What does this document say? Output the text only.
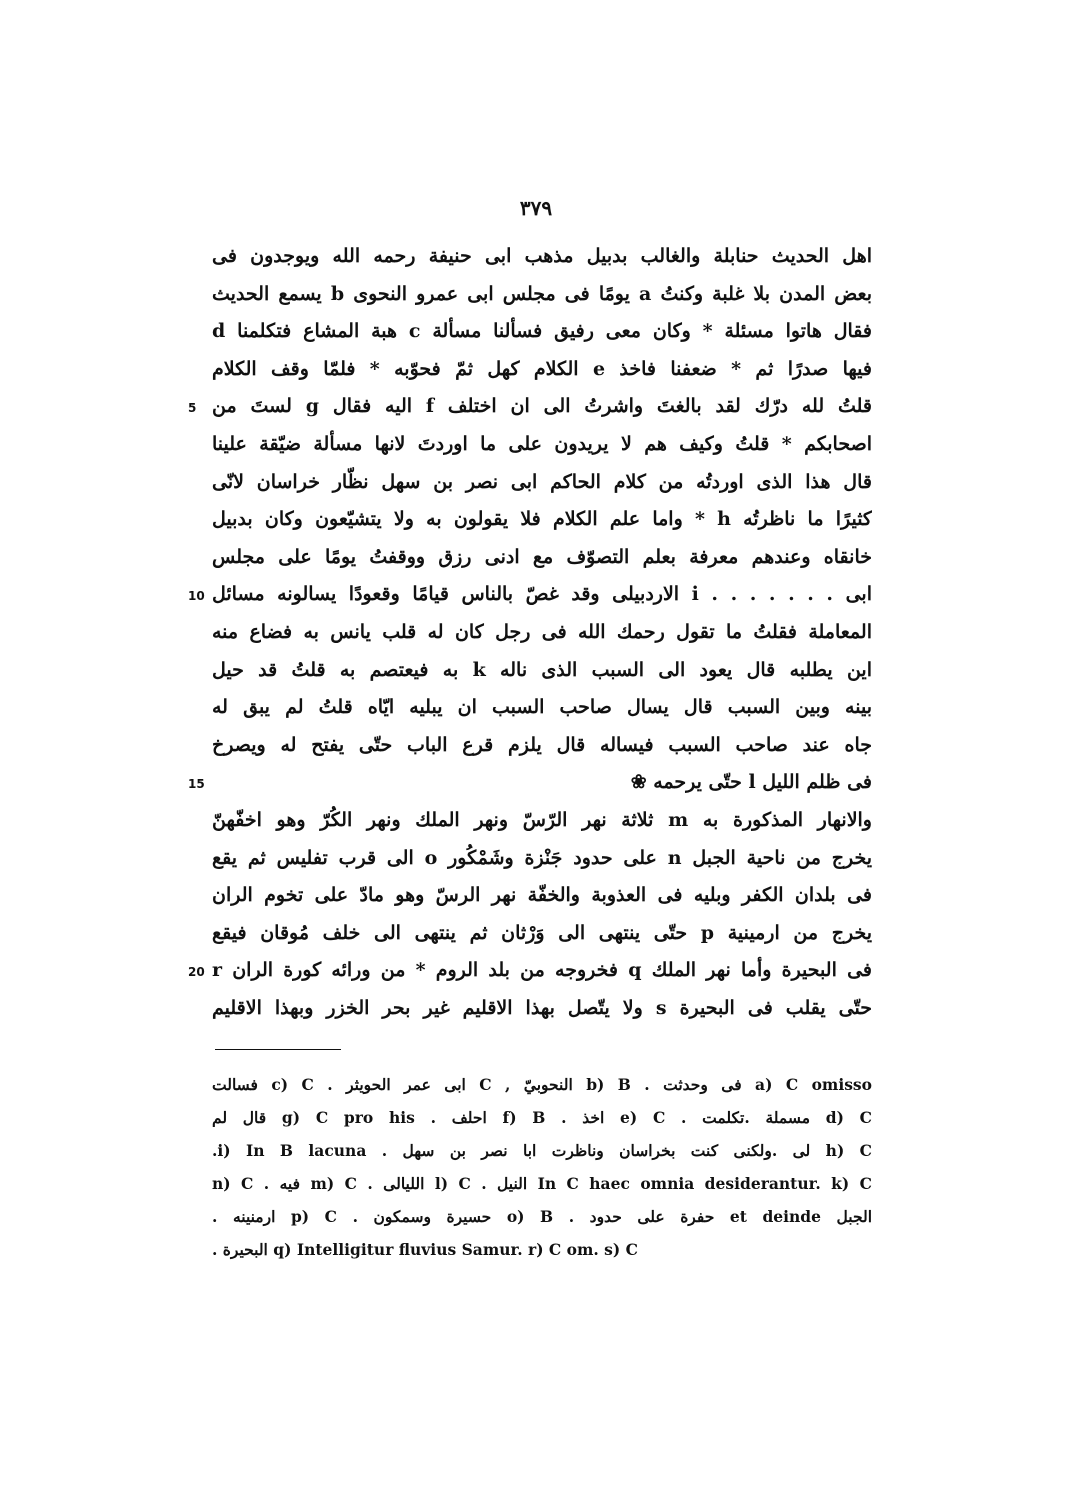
٣٧٩
اهل الحديث حنابلة والغالب بدبيل مذهب ابى حنيفة رحمه الله ويوجدون فى
بعض المدن بلا غلبة وكنتُ a يومًا فى مجلس ابى عمرو النحوى b يسمع الحديث
فقال هاتوا مسئلة * وكان معى رفيق فسألنا مسألة c هبة المشاع فتكلمنا d
فيها صدرًا ثم * ضعفنا فاخذ e الكلام كهل ثمّ فحوّبه * فلمّا وقف الكلام
قلتُ لله درّك لقد بالغتَ واشرتُ الى ان اختلف f اليه فقال g لستَ من
اصحابكم * قلتُ وكيف هم لا يريدون على ما اوردتَ لانها مسألة ضيّقة علينا
قال هذا الذى اوردتُه من كلام الحاكم ابى نصر بن سهل نظّار خراسان لانّى
كثيرًا ما ناظرتُه h * واما علم الكلام فلا يقولون به ولا يتشيّعون وكان بدبيل
خانقاه وعندهم معرفة بعلم التصوّف مع ادنى رزق ووقفتُ يومًا على مجلس
ابى . . . . . . . i الاردبيلى وقد غصّ بالناس قيامًا وقعودًا يسالونه مسائل
المعاملة فقلتُ ما تقول رحمك الله فى رجل كان له قلب يانس به فضاع منه
اين يطلبه قال يعود الى السبب الذى ناله k به فيعتصم به قلتُ قد حيل
بينه وبين السبب قال يسال صاحب السبب ان يبليه ايّاه قلتُ لم يبق له
جاه عند صاحب السبب فيساله قال يلزم قرع الباب حتّى يفتح له ويصرخ
فى ظلم الليل l حتّى يرحمه ❀
والانهار المذكورة به m ثلاثة نهر الرّسّ ونهر الملك ونهر الكُرّ وهو اخفّهنّ
يخرج من ناحية الجبل n على حدود جَنْزة وشَمْكُور o الى قرب تفليس ثم يقع
فى بلدان الكفر وبليه فى العذوبة والخفّة نهر الرسّ وهو مادّ على تخوم الران
يخرج من ارمينية p حتّى ينتهى الى وَرْثان ثم ينتهى الى خلف مُوقان فيقع
فى البحيرة وأما نهر الملك q فخروجه من بلد الروم * من ورائه كورة الران r
حتّى يقلب فى البحيرة s ولا يتّصل بهذا الاقليم غير بحر الخزر وبهذا الاقليم
5
10
15
20
a) C omisso فى وحدثت . b) B النحوبيّ , C ابى عمر الحويثر . c) C فسالت
d) C مسملة .تكلمت . e) C اخذ . f) B احلف . g) C pro his قال لم
h) C لى .ولكنى كنت بخراسان وناظرت ابا نصر بن سهل . i) In B lacuna.
In C haec omnia desiderantur. k) C النيل . l) C الليالى . m) C فيه . n) C
الجبل et deinde حفرة على حدود . o) B حسيرة وسمكون . p) C ارمنينه .
q) Intelligitur fluvius Samur. r) C om. s) C البحيرة .
